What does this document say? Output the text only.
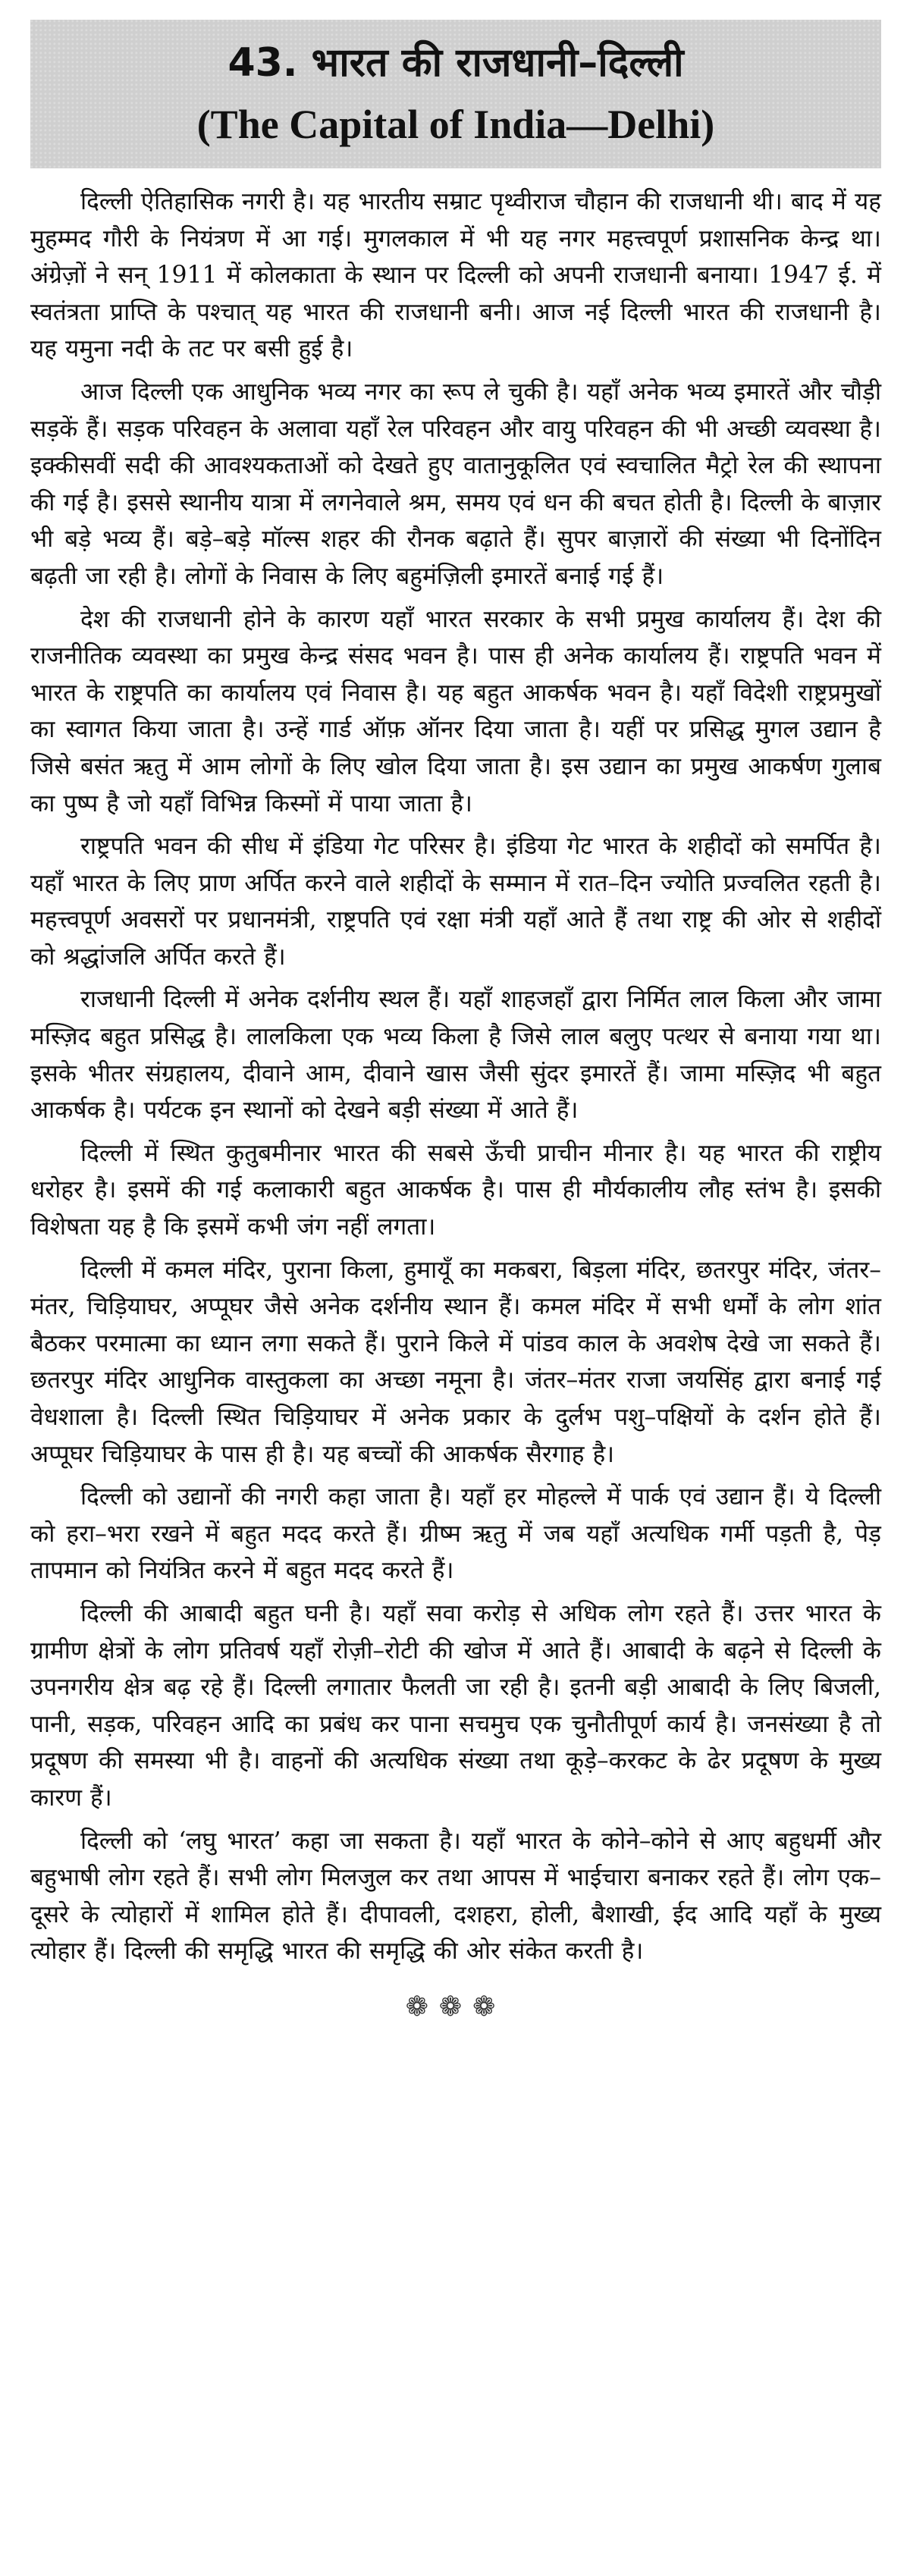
43. भारत की राजधानी–दिल्ली
(The Capital of India—Delhi)

दिल्ली ऐतिहासिक नगरी है। यह भारतीय सम्राट पृथ्वीराज चौहान की राजधानी थी। बाद में यह मुहम्मद गौरी के नियंत्रण में आ गई। मुगलकाल में भी यह नगर महत्त्वपूर्ण प्रशासनिक केन्द्र था। अंग्रेज़ों ने सन् 1911 में कोलकाता के स्थान पर दिल्ली को अपनी राजधानी बनाया। 1947 ई. में स्वतंत्रता प्राप्ति के पश्चात् यह भारत की राजधानी बनी। आज नई दिल्ली भारत की राजधानी है। यह यमुना नदी के तट पर बसी हुई है।

आज दिल्ली एक आधुनिक भव्य नगर का रूप ले चुकी है। यहाँ अनेक भव्य इमारतें और चौड़ी सड़कें हैं। सड़क परिवहन के अलावा यहाँ रेल परिवहन और वायु परिवहन की भी अच्छी व्यवस्था है। इक्कीसवीं सदी की आवश्यकताओं को देखते हुए वातानुकूलित एवं स्वचालित मैट्रो रेल की स्थापना की गई है। इससे स्थानीय यात्रा में लगनेवाले श्रम, समय एवं धन की बचत होती है। दिल्ली के बाज़ार भी बड़े भव्य हैं। बड़े–बड़े मॉल्स शहर की रौनक बढ़ाते हैं। सुपर बाज़ारों की संख्या भी दिनोंदिन बढ़ती जा रही है। लोगों के निवास के लिए बहुमंज़िली इमारतें बनाई गई हैं।

देश की राजधानी होने के कारण यहाँ भारत सरकार के सभी प्रमुख कार्यालय हैं। देश की राजनीतिक व्यवस्था का प्रमुख केन्द्र संसद भवन है। पास ही अनेक कार्यालय हैं। राष्ट्रपति भवन में भारत के राष्ट्रपति का कार्यालय एवं निवास है। यह बहुत आकर्षक भवन है। यहाँ विदेशी राष्ट्रप्रमुखों का स्वागत किया जाता है। उन्हें गार्ड ऑफ़ ऑनर दिया जाता है। यहीं पर प्रसिद्ध मुगल उद्यान है जिसे बसंत ऋतु में आम लोगों के लिए खोल दिया जाता है। इस उद्यान का प्रमुख आकर्षण गुलाब का पुष्प है जो यहाँ विभिन्न किस्मों में पाया जाता है।

राष्ट्रपति भवन की सीध में इंडिया गेट परिसर है। इंडिया गेट भारत के शहीदों को समर्पित है। यहाँ भारत के लिए प्राण अर्पित करने वाले शहीदों के सम्मान में रात–दिन ज्योति प्रज्वलित रहती है। महत्त्वपूर्ण अवसरों पर प्रधानमंत्री, राष्ट्रपति एवं रक्षा मंत्री यहाँ आते हैं तथा राष्ट्र की ओर से शहीदों को श्रद्धांजलि अर्पित करते हैं।

राजधानी दिल्ली में अनेक दर्शनीय स्थल हैं। यहाँ शाहजहाँ द्वारा निर्मित लाल किला और जामा मस्ज़िद बहुत प्रसिद्ध है। लालकिला एक भव्य किला है जिसे लाल बलुए पत्थर से बनाया गया था। इसके भीतर संग्रहालय, दीवाने आम, दीवाने खास जैसी सुंदर इमारतें हैं। जामा मस्ज़िद भी बहुत आकर्षक है। पर्यटक इन स्थानों को देखने बड़ी संख्या में आते हैं।

दिल्ली में स्थित कुतुबमीनार भारत की सबसे ऊँची प्राचीन मीनार है। यह भारत की राष्ट्रीय धरोहर है। इसमें की गई कलाकारी बहुत आकर्षक है। पास ही मौर्यकालीय लौह स्तंभ है। इसकी विशेषता यह है कि इसमें कभी जंग नहीं लगता।

दिल्ली में कमल मंदिर, पुराना किला, हुमायूँ का मकबरा, बिड़ला मंदिर, छतरपुर मंदिर, जंतर–मंतर, चिड़ियाघर, अप्पूघर जैसे अनेक दर्शनीय स्थान हैं। कमल मंदिर में सभी धर्मों के लोग शांत बैठकर परमात्मा का ध्यान लगा सकते हैं। पुराने किले में पांडव काल के अवशेष देखे जा सकते हैं। छतरपुर मंदिर आधुनिक वास्तुकला का अच्छा नमूना है। जंतर–मंतर राजा जयसिंह द्वारा बनाई गई वेधशाला है। दिल्ली स्थित चिड़ियाघर में अनेक प्रकार के दुर्लभ पशु–पक्षियों के दर्शन होते हैं। अप्पूघर चिड़ियाघर के पास ही है। यह बच्चों की आकर्षक सैरगाह है।

दिल्ली को उद्यानों की नगरी कहा जाता है। यहाँ हर मोहल्ले में पार्क एवं उद्यान हैं। ये दिल्ली को हरा–भरा रखने में बहुत मदद करते हैं। ग्रीष्म ऋतु में जब यहाँ अत्यधिक गर्मी पड़ती है, पेड़ तापमान को नियंत्रित करने में बहुत मदद करते हैं।

दिल्ली की आबादी बहुत घनी है। यहाँ सवा करोड़ से अधिक लोग रहते हैं। उत्तर भारत के ग्रामीण क्षेत्रों के लोग प्रतिवर्ष यहाँ रोज़ी–रोटी की खोज में आते हैं। आबादी के बढ़ने से दिल्ली के उपनगरीय क्षेत्र बढ़ रहे हैं। दिल्ली लगातार फैलती जा रही है। इतनी बड़ी आबादी के लिए बिजली, पानी, सड़क, परिवहन आदि का प्रबंध कर पाना सचमुच एक चुनौतीपूर्ण कार्य है। जनसंख्या है तो प्रदूषण की समस्या भी है। वाहनों की अत्यधिक संख्या तथा कूड़े–करकट के ढेर प्रदूषण के मुख्य कारण हैं।

दिल्ली को ‘लघु भारत’ कहा जा सकता है। यहाँ भारत के कोने–कोने से आए बहुधर्मी और बहुभाषी लोग रहते हैं। सभी लोग मिलजुल कर तथा आपस में भाईचारा बनाकर रहते हैं। लोग एक–दूसरे के त्योहारों में शामिल होते हैं। दीपावली, दशहरा, होली, बैशाखी, ईद आदि यहाँ के मुख्य त्योहार हैं। दिल्ली की समृद्धि भारत की समृद्धि की ओर संकेत करती है।

❁❁❁
